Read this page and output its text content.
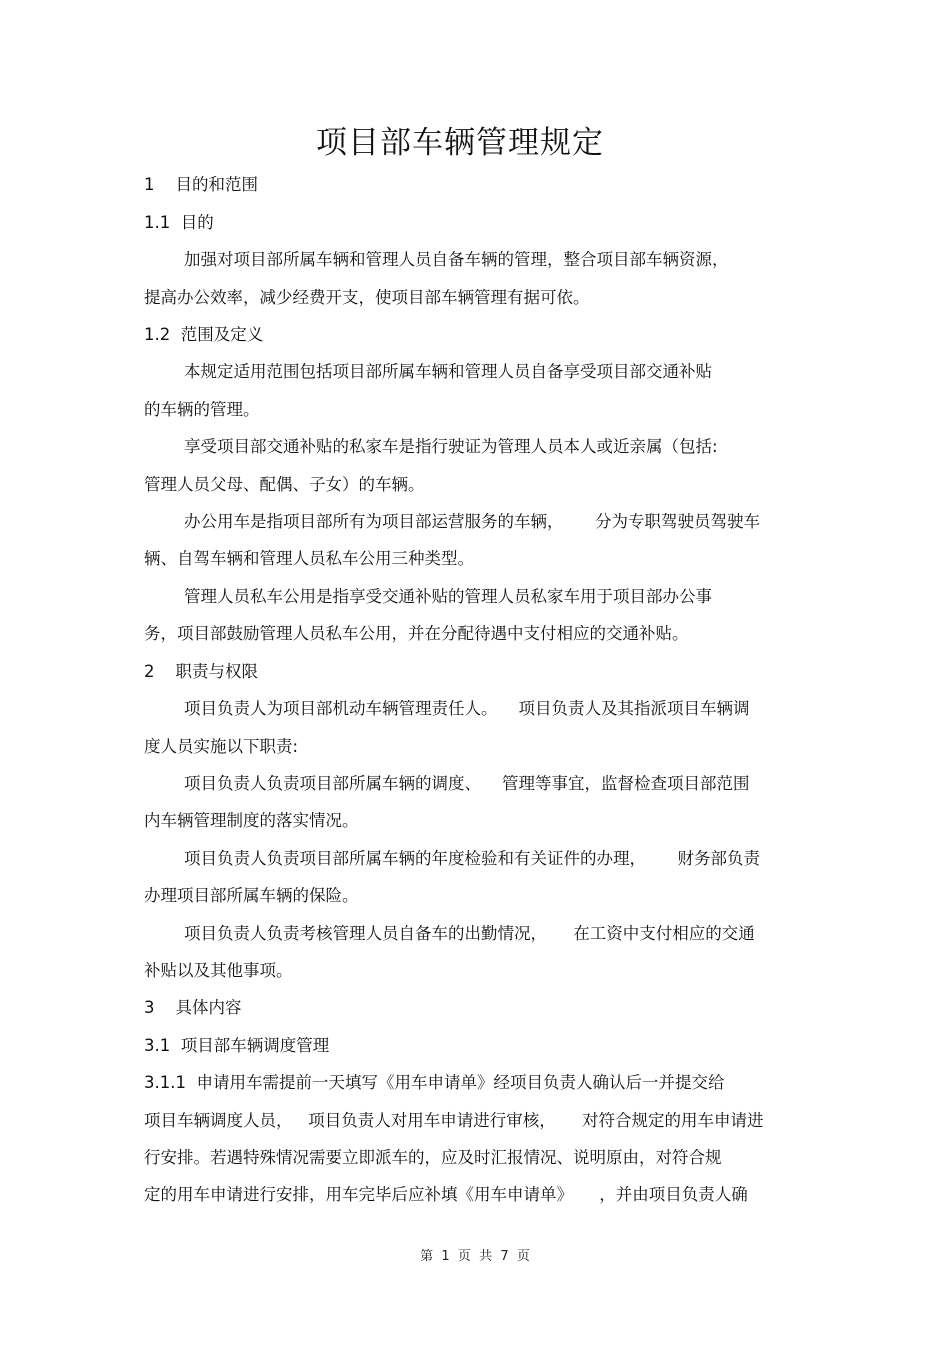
项目部车辆管理规定
1    目的和范围
1.1  目的
加强对项目部所属车辆和管理人员自备车辆的管理，整合项目部车辆资源，
提高办公效率，减少经费开支，使项目部车辆管理有据可依。
1.2  范围及定义
本规定适用范围包括项目部所属车辆和管理人员自备享受项目部交通补贴
的车辆的管理。
享受项目部交通补贴的私家车是指行驶证为管理人员本人或近亲属（包括:
管理人员父母、配偶、子女）的车辆。
办公用车是指项目部所有为项目部运营服务的车辆，      分为专职驾驶员驾驶车
辆、自驾车辆和管理人员私车公用三种类型。
管理人员私车公用是指享受交通补贴的管理人员私家车用于项目部办公事
务，项目部鼓励管理人员私车公用，并在分配待遇中支付相应的交通补贴。
2    职责与权限
项目负责人为项目部机动车辆管理责任人。    项目负责人及其指派项目车辆调
度人员实施以下职责:
项目负责人负责项目部所属车辆的调度、    管理等事宜，监督检查项目部范围
内车辆管理制度的落实情况。
项目负责人负责项目部所属车辆的年度检验和有关证件的办理，      财务部负责
办理项目部所属车辆的保险。
项目负责人负责考核管理人员自备车的出勤情况，     在工资中支付相应的交通
补贴以及其他事项。
3    具体内容
3.1  项目部车辆调度管理
3.1.1  申请用车需提前一天填写《用车申请单》经项目负责人确认后一并提交给
项目车辆调度人员，   项目负责人对用车申请进行审核，     对符合规定的用车申请进
行安排。若遇特殊情况需要立即派车的，应及时汇报情况、说明原由，对符合规
定的用车申请进行安排，用车完毕后应补填《用车申请单》     ，并由项目负责人确
第  1  页  共  7  页
